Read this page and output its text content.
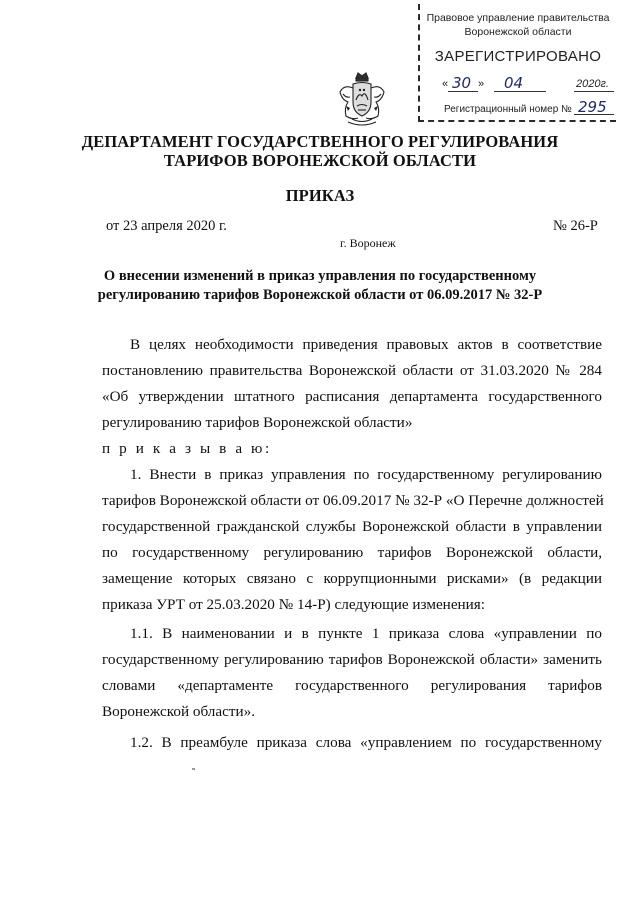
Правовое управление правительства
Воронежской области
ЗАРЕГИСТРИРОВАНО
« 30 » 04	2020г.
Регистрационный номер № 295
ДЕПАРТАМЕНТ ГОСУДАРСТВЕННОГО РЕГУЛИРОВАНИЯ
ТАРИФОВ ВОРОНЕЖСКОЙ ОБЛАСТИ
ПРИКАЗ
от 23 апреля 2020 г.	№ 26-Р
г. Воронеж
О внесении изменений в приказ управления по государственному
регулированию тарифов Воронежской области от 06.09.2017 № 32-Р
В целях необходимости приведения правовых актов в соответствие
постановлению правительства Воронежской области от 31.03.2020 № 284
«Об утверждении штатного расписания департамента государственного
регулированию тарифов Воронежской области»
п р и к а з ы в а ю:
1. Внести в приказ управления по государственному регулированию
тарифов Воронежской области от 06.09.2017 № 32-Р «О Перечне должностей
государственной гражданской службы Воронежской области в управлении
по государственному регулированию тарифов Воронежской области,
замещение которых связано с коррупционными рисками» (в редакции
приказа УРТ от 25.03.2020 № 14-Р) следующие изменения:
1.1. В наименовании и в пункте 1 приказа слова «управлении по
государственному регулированию тарифов Воронежской области» заменить
словами «департаменте государственного регулирования тарифов
Воронежской области».
1.2. В преамбуле приказа слова «управлением по государственному
